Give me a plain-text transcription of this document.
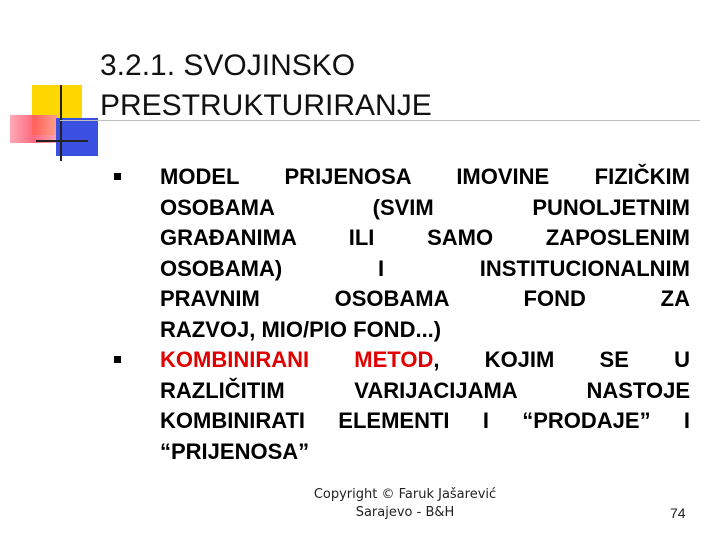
3.2.1. SVOJINSKO
PRESTRUKTURIRANJE
MODEL PRIJENOSA IMOVINE FIZIČKIM
OSOBAMA (SVIM PUNOLJETNIM
GRAĐANIMA ILI SAMO ZAPOSLENIM
OSOBAMA) I INSTITUCIONALNIM
PRAVNIM OSOBAMA FOND ZA
RAZVOJ, MIO/PIO FOND...)
KOMBINIRANI METOD, KOJIM SE U
RAZLIČITIM VARIJACIJAMA NASTOJE
KOMBINIRATI ELEMENTI I “PRODAJE” I
“PRIJENOSA”
Copyright © Faruk Jašarević
Sarajevo - B&H	74
